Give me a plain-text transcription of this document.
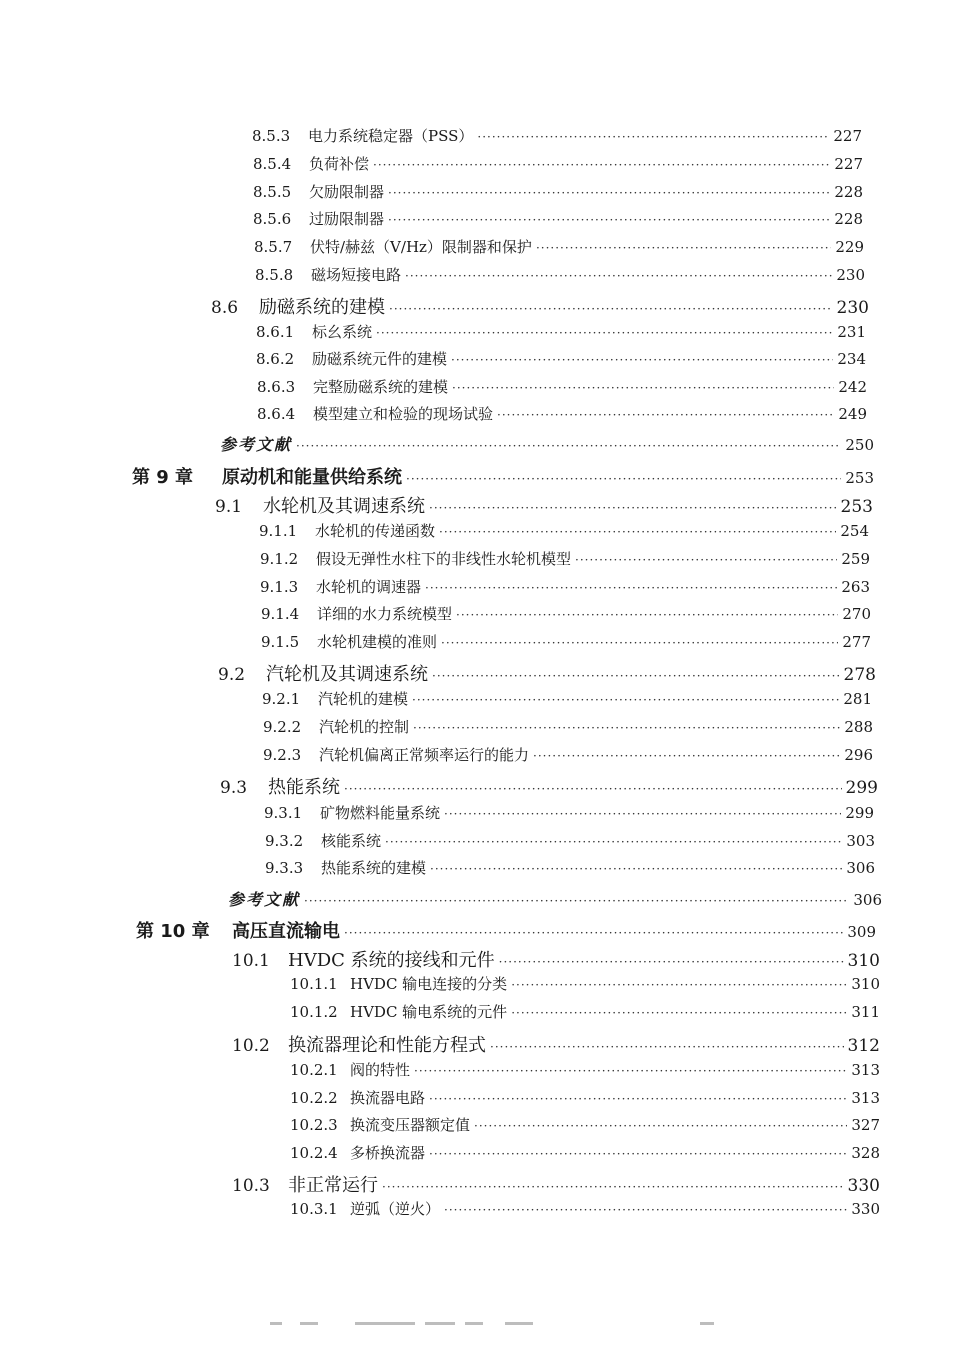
8.5.3	电力系统稳定器（PSS） ·····	227
8.5.4	负荷补偿 ·····	227
8.5.5	欠励限制器 ·····	228
8.5.6	过励限制器 ·····	228
8.5.7	伏特/赫兹（V/Hz）限制器和保护 ·····	229
8.5.8	磁场短接电路 ·····	230
8.6	励磁系统的建模 ·····	230
8.6.1	标幺系统 ·····	231
8.6.2	励磁系统元件的建模 ·····	234
8.6.3	完整励磁系统的建模 ·····	242
8.6.4	模型建立和检验的现场试验 ·····	249
参考文献 ·····	250
第 9 章	原动机和能量供给系统 ·····	253
9.1	水轮机及其调速系统 ·····	253
9.1.1	水轮机的传递函数 ·····	254
9.1.2	假设无弹性水柱下的非线性水轮机模型 ·····	259
9.1.3	水轮机的调速器 ·····	263
9.1.4	详细的水力系统模型 ·····	270
9.1.5	水轮机建模的准则 ·····	277
9.2	汽轮机及其调速系统 ·····	278
9.2.1	汽轮机的建模 ·····	281
9.2.2	汽轮机的控制 ·····	288
9.2.3	汽轮机偏离正常频率运行的能力 ·····	296
9.3	热能系统 ·····	299
9.3.1	矿物燃料能量系统 ·····	299
9.3.2	核能系统 ·····	303
9.3.3	热能系统的建模 ·····	306
参考文献 ·····	306
第 10 章	高压直流输电 ·····	309
10.1	HVDC 系统的接线和元件 ·····	310
10.1.1 HVDC 输电连接的分类 ·····	310
10.1.2 HVDC 输电系统的元件 ·····	311
10.2	换流器理论和性能方程式 ·····	312
10.2.1 阀的特性 ·····	313
10.2.2 换流器电路 ·····	313
10.2.3 换流变压器额定值 ·····	327
10.2.4 多桥换流器 ·····	328
10.3	非正常运行 ·····	330
10.3.1 逆弧（逆火） ·····	330
